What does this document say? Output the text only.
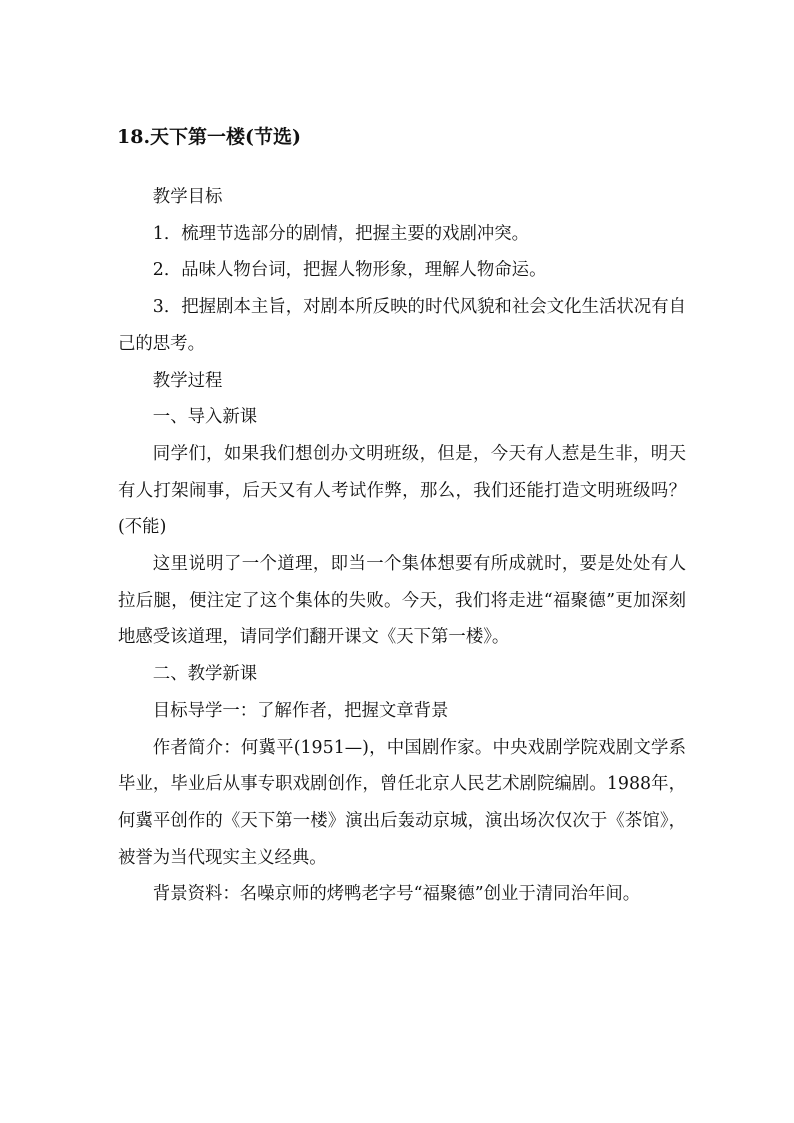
18.天下第一楼(节选)

教学目标

1．梳理节选部分的剧情，把握主要的戏剧冲突。

2．品味人物台词，把握人物形象，理解人物命运。

3．把握剧本主旨，对剧本所反映的时代风貌和社会文化生活状况有自己的思考。

教学过程

一、导入新课

同学们，如果我们想创办文明班级，但是，今天有人惹是生非，明天有人打架闹事，后天又有人考试作弊，那么，我们还能打造文明班级吗？(不能)

这里说明了一个道理，即当一个集体想要有所成就时，要是处处有人拉后腿，便注定了这个集体的失败。今天，我们将走进“福聚德”更加深刻地感受该道理，请同学们翻开课文《天下第一楼》。

二、教学新课

目标导学一：了解作者，把握文章背景

作者简介：何冀平(1951—)，中国剧作家。中央戏剧学院戏剧文学系毕业，毕业后从事专职戏剧创作，曾任北京人民艺术剧院编剧。1988年，何冀平创作的《天下第一楼》演出后轰动京城，演出场次仅次于《茶馆》，被誉为当代现实主义经典。

背景资料：名噪京师的烤鸭老字号“福聚德”创业于清同治年间。
